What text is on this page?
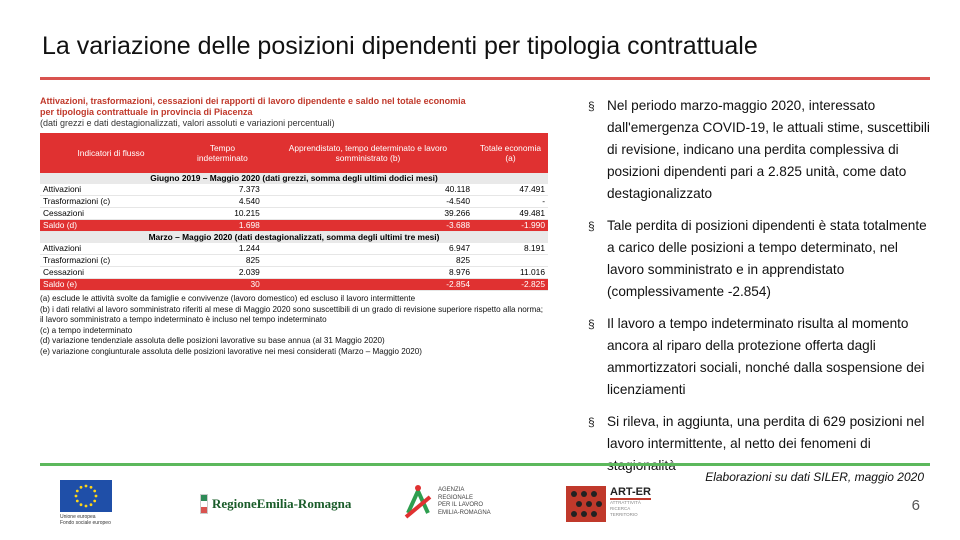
La variazione delle posizioni dipendenti per tipologia contrattuale
Attivazioni, trasformazioni, cessazioni dei rapporti di lavoro dipendente e saldo nel totale economia
per tipologia contrattuale in provincia di Piacenza
(dati grezzi e dati destagionalizzati, valori assoluti e variazioni percentuali)
Indicatori di flusso	Tempo indeterminato	Apprendistato, tempo determinato e lavoro somministrato (b)	Totale economia (a)
Giugno 2019 – Maggio 2020 (dati grezzi, somma degli ultimi dodici mesi)			
Attivazioni	7.373	40.118	47.491
Trasformazioni (c)	4.540	-4.540	-
Cessazioni	10.215	39.266	49.481
Saldo (d)	1.698	-3.688	-1.990
Marzo – Maggio 2020 (dati destagionalizzati, somma degli ultimi tre mesi)			
Attivazioni	1.244	6.947	8.191
Trasformazioni (c)	825	825	
Cessazioni	2.039	8.976	11.016
Saldo (e)	30	-2.854	-2.825
(a) esclude le attività svolte da famiglie e convivenze (lavoro domestico) ed escluso il lavoro intermittente
(b) i dati relativi al lavoro somministrato riferiti al mese di Maggio 2020 sono suscettibili di un grado di revisione superiore rispetto alla norma; il lavoro somministrato a tempo indeterminato è incluso nel tempo indeterminato
(c) a tempo indeterminato
(d) variazione tendenziale assoluta delle posizioni lavorative su base annua (al 31 Maggio 2020)
(e) variazione congiunturale assoluta delle posizioni lavorative nei mesi considerati (Marzo – Maggio 2020)
§ Nel periodo marzo-maggio 2020, interessato dall'emergenza COVID-19, le attuali stime, suscettibili di revisione, indicano una perdita complessiva di posizioni dipendenti pari a 2.825 unità, come dato destagionalizzato
§ Tale perdita di posizioni dipendenti è stata totalmente a carico delle posizioni a tempo determinato, nel lavoro somministrato e in apprendistato (complessivamente -2.854)
§ Il lavoro a tempo indeterminato risulta al momento ancora al riparo della protezione offerta dagli ammortizzatori sociali, nonché dalla sospensione dei licenziamenti
§ Si rileva, in aggiunta, una perdita di 629 posizioni nel lavoro intermittente, al netto dei fenomeni di
Elaborazioni su dati SILER, maggio 2020
6
Unione europea
Fondo sociale europeo
RegioneEmilia-Romagna
AGENZIA
REGIONALE
PER IL LAVORO
EMILIA-ROMAGNA
ART-ER
ATTRATTIVITÀ
RICERCA
TERRITORIO
